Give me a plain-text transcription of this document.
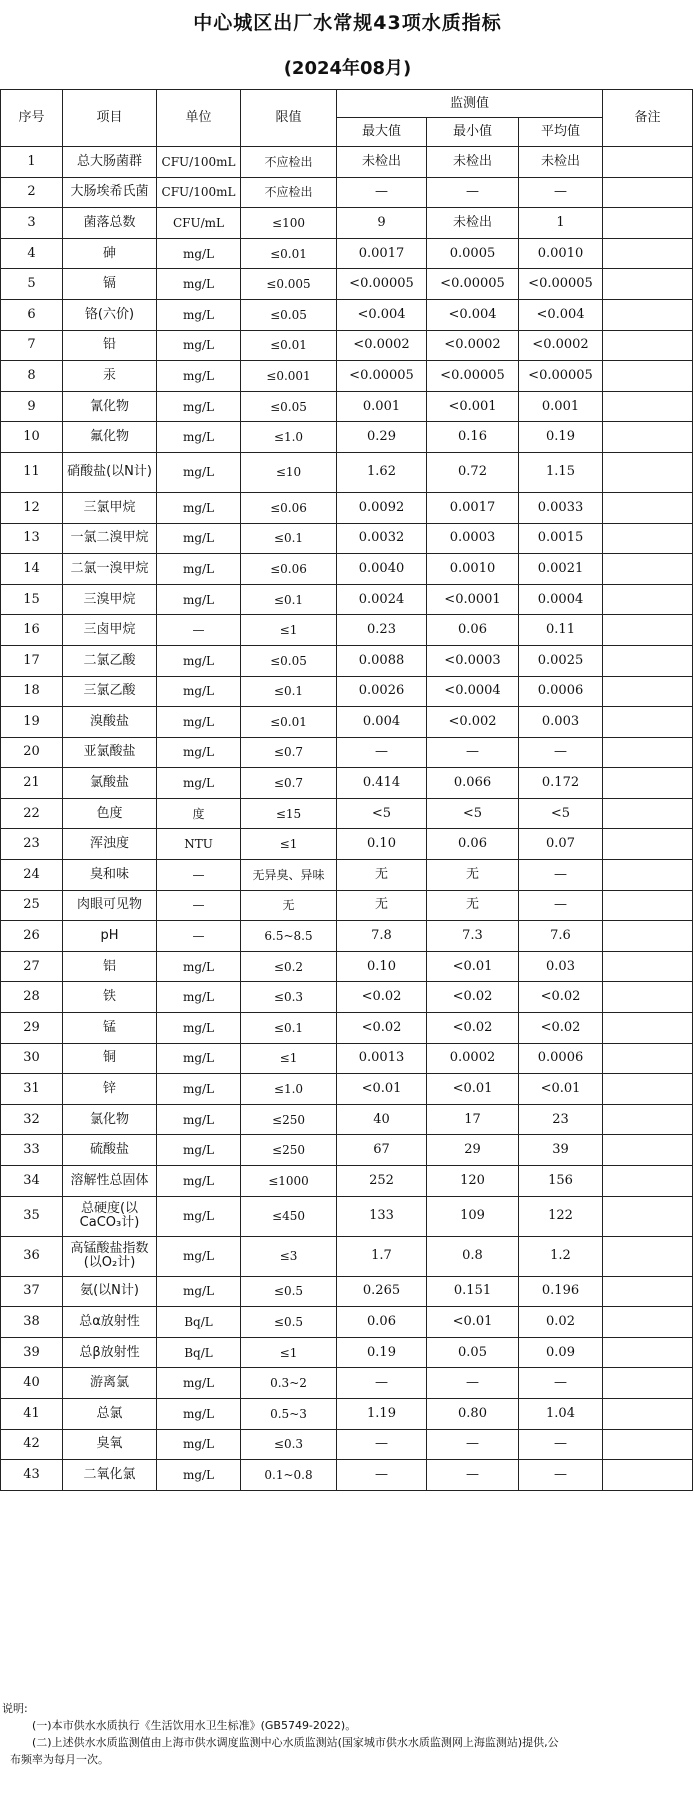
中心城区出厂水常规43项水质指标
(2024年08月)
序号	项目	单位	限值	监测值			备注
				最大值	最小值	平均值	
1	总大肠菌群	CFU/100mL	不应检出	未检出	未检出	未检出	
2	大肠埃希氏菌	CFU/100mL	不应检出	—	—	—	
3	菌落总数	CFU/mL	≤100	9	未检出	1	
4	砷	mg/L	≤0.01	0.0017	0.0005	0.0010	
5	镉	mg/L	≤0.005	<0.00005	<0.00005	<0.00005	
6	铬(六价)	mg/L	≤0.05	<0.004	<0.004	<0.004	
7	铅	mg/L	≤0.01	<0.0002	<0.0002	<0.0002	
8	汞	mg/L	≤0.001	<0.00005	<0.00005	<0.00005	
9	氰化物	mg/L	≤0.05	0.001	<0.001	0.001	
10	氟化物	mg/L	≤1.0	0.29	0.16	0.19	
11	硝酸盐(以N计)	mg/L	≤10	1.62	0.72	1.15	
12	三氯甲烷	mg/L	≤0.06	0.0092	0.0017	0.0033	
13	一氯二溴甲烷	mg/L	≤0.1	0.0032	0.0003	0.0015	
14	二氯一溴甲烷	mg/L	≤0.06	0.0040	0.0010	0.0021	
15	三溴甲烷	mg/L	≤0.1	0.0024	<0.0001	0.0004	
16	三卤甲烷	—	≤1	0.23	0.06	0.11	
17	二氯乙酸	mg/L	≤0.05	0.0088	<0.0003	0.0025	
18	三氯乙酸	mg/L	≤0.1	0.0026	<0.0004	0.0006	
19	溴酸盐	mg/L	≤0.01	0.004	<0.002	0.003	
20	亚氯酸盐	mg/L	≤0.7	—	—	—	
21	氯酸盐	mg/L	≤0.7	0.414	0.066	0.172	
22	色度	度	≤15	<5	<5	<5	
23	浑浊度	NTU	≤1	0.10	0.06	0.07	
24	臭和味	—	无异臭、异味	无	无	—	
25	肉眼可见物	—	无	无	无	—	
26	pH	—	6.5~8.5	7.8	7.3	7.6	
27	铝	mg/L	≤0.2	0.10	<0.01	0.03	
28	铁	mg/L	≤0.3	<0.02	<0.02	<0.02	
29	锰	mg/L	≤0.1	<0.02	<0.02	<0.02	
30	铜	mg/L	≤1	0.0013	0.0002	0.0006	
31	锌	mg/L	≤1.0	<0.01	<0.01	<0.01	
32	氯化物	mg/L	≤250	40	17	23	
33	硫酸盐	mg/L	≤250	67	29	39	
34	溶解性总固体	mg/L	≤1000	252	120	156	
35	总硬度(以CaCO₃计)	mg/L	≤450	133	109	122	
36	高锰酸盐指数(以O₂计)	mg/L	≤3	1.7	0.8	1.2	
37	氨(以N计)	mg/L	≤0.5	0.265	0.151	0.196	
38	总α放射性	Bq/L	≤0.5	0.06	<0.01	0.02	
39	总β放射性	Bq/L	≤1	0.19	0.05	0.09	
40	游离氯	mg/L	0.3~2	—	—	—	
41	总氯	mg/L	0.5~3	1.19	0.80	1.04	
42	臭氧	mg/L	≤0.3	—	—	—	
43	二氧化氯	mg/L	0.1~0.8	—	—	—	
说明:
(一)本市供水水质执行《生活饮用水卫生标准》(GB5749-2022)。
(二)上述供水水质监测值由上海市供水调度监测中心水质监测站(国家城市供水水质监测网上海监测站)提供,公
布频率为每月一次。
